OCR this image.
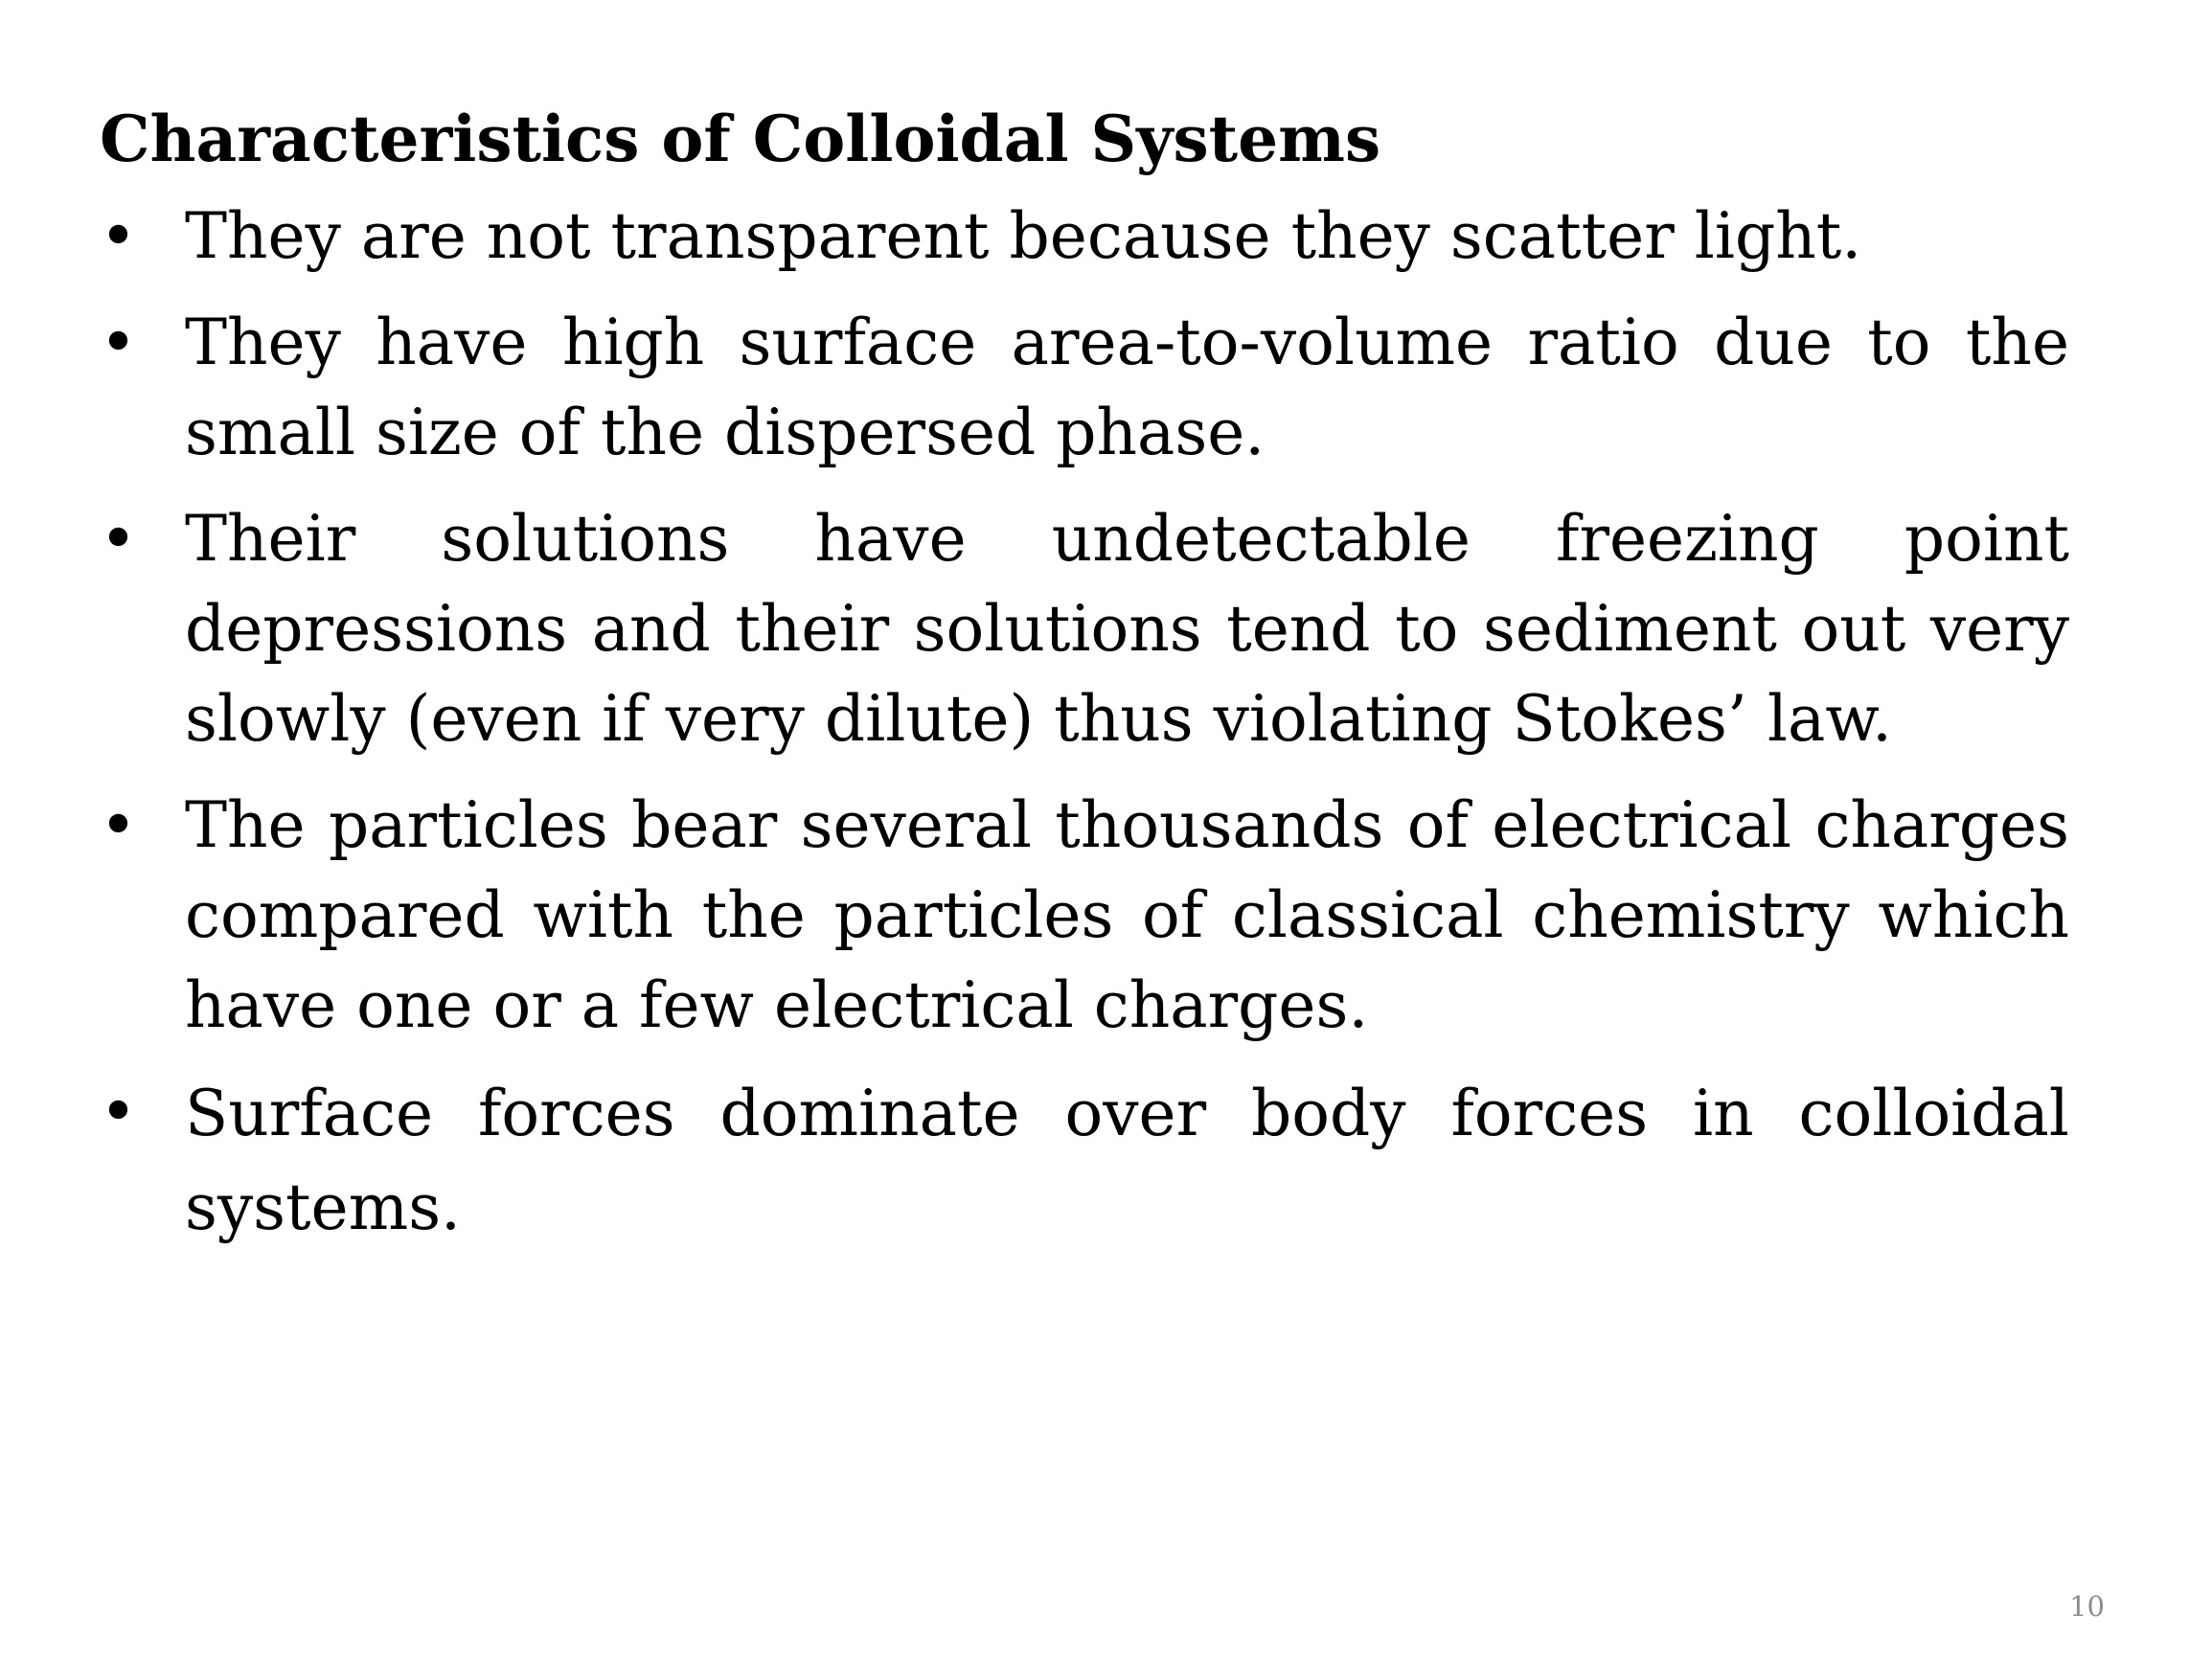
Characteristics of Colloidal Systems
• They are not transparent because they scatter light.
• They have high surface area-to-volume ratio due to the small size of the dispersed phase.
• Their solutions have undetectable freezing point depressions and their solutions tend to sediment out very slowly (even if very dilute) thus violating Stokes’ law.
• The particles bear several thousands of electrical charges compared with the particles of classical chemistry which have one or a few electrical charges.
• Surface forces dominate over body forces in colloidal systems.
10
